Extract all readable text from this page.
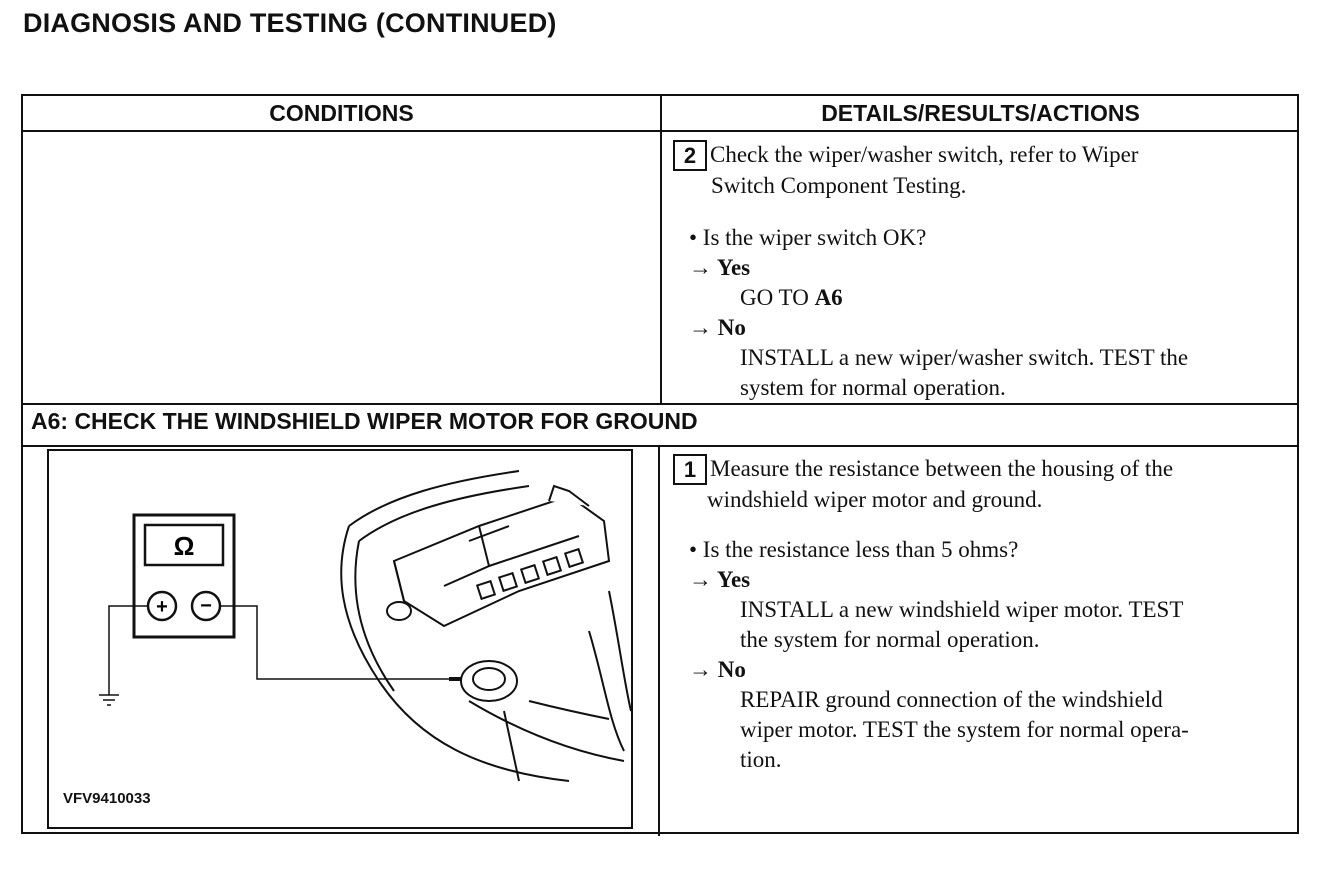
DIAGNOSIS AND TESTING (CONTINUED)
CONDITIONS	DETAILS/RESULTS/ACTIONS
2 Check the wiper/washer switch, refer to Wiper
Switch Component Testing.
• Is the wiper switch OK?
→ Yes
GO TO A6
→ No
INSTALL a new wiper/washer switch. TEST the
system for normal operation.
A6: CHECK THE WINDSHIELD WIPER MOTOR FOR GROUND
Ω
+ −
VFV9410033
1 Measure the resistance between the housing of the
windshield wiper motor and ground.
• Is the resistance less than 5 ohms?
→ Yes
INSTALL a new windshield wiper motor. TEST
the system for normal operation.
→ No
REPAIR ground connection of the windshield
wiper motor. TEST the system for normal opera-
tion.
